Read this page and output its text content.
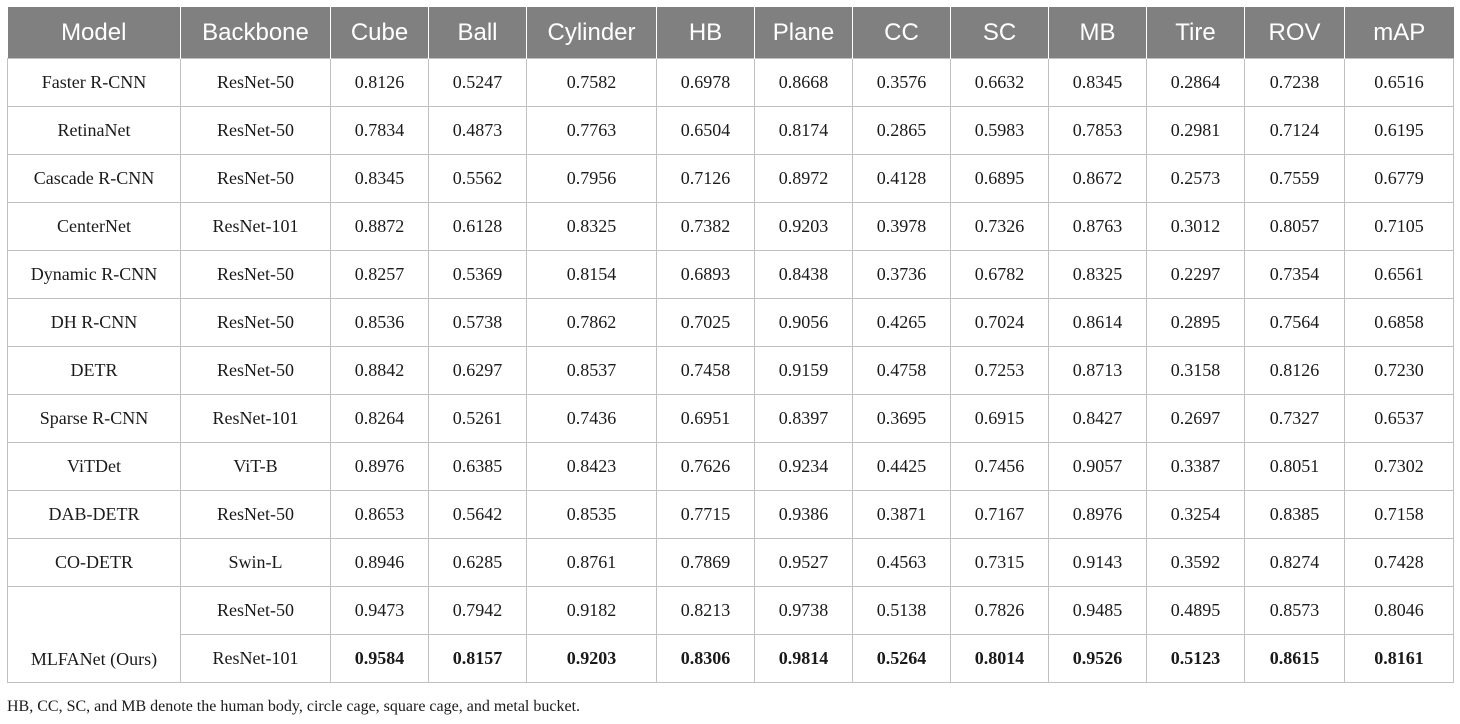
Model	Backbone	Cube	Ball	Cylinder	HB	Plane	CC	SC	MB	Tire	ROV	mAP
Faster R-CNN	ResNet-50	0.8126	0.5247	0.7582	0.6978	0.8668	0.3576	0.6632	0.8345	0.2864	0.7238	0.6516
RetinaNet	ResNet-50	0.7834	0.4873	0.7763	0.6504	0.8174	0.2865	0.5983	0.7853	0.2981	0.7124	0.6195
Cascade R-CNN	ResNet-50	0.8345	0.5562	0.7956	0.7126	0.8972	0.4128	0.6895	0.8672	0.2573	0.7559	0.6779
CenterNet	ResNet-101	0.8872	0.6128	0.8325	0.7382	0.9203	0.3978	0.7326	0.8763	0.3012	0.8057	0.7105
Dynamic R-CNN	ResNet-50	0.8257	0.5369	0.8154	0.6893	0.8438	0.3736	0.6782	0.8325	0.2297	0.7354	0.6561
DH R-CNN	ResNet-50	0.8536	0.5738	0.7862	0.7025	0.9056	0.4265	0.7024	0.8614	0.2895	0.7564	0.6858
DETR	ResNet-50	0.8842	0.6297	0.8537	0.7458	0.9159	0.4758	0.7253	0.8713	0.3158	0.8126	0.7230
Sparse R-CNN	ResNet-101	0.8264	0.5261	0.7436	0.6951	0.8397	0.3695	0.6915	0.8427	0.2697	0.7327	0.6537
ViTDet	ViT-B	0.8976	0.6385	0.8423	0.7626	0.9234	0.4425	0.7456	0.9057	0.3387	0.8051	0.7302
DAB-DETR	ResNet-50	0.8653	0.5642	0.8535	0.7715	0.9386	0.3871	0.7167	0.8976	0.3254	0.8385	0.7158
CO-DETR	Swin-L	0.8946	0.6285	0.8761	0.7869	0.9527	0.4563	0.7315	0.9143	0.3592	0.8274	0.7428
MLFANet (Ours)	ResNet-50	0.9473	0.7942	0.9182	0.8213	0.9738	0.5138	0.7826	0.9485	0.4895	0.8573	0.8046
	ResNet-101	0.9584	0.8157	0.9203	0.8306	0.9814	0.5264	0.8014	0.9526	0.5123	0.8615	0.8161
HB, CC, SC, and MB denote the human body, circle cage, square cage, and metal bucket.
